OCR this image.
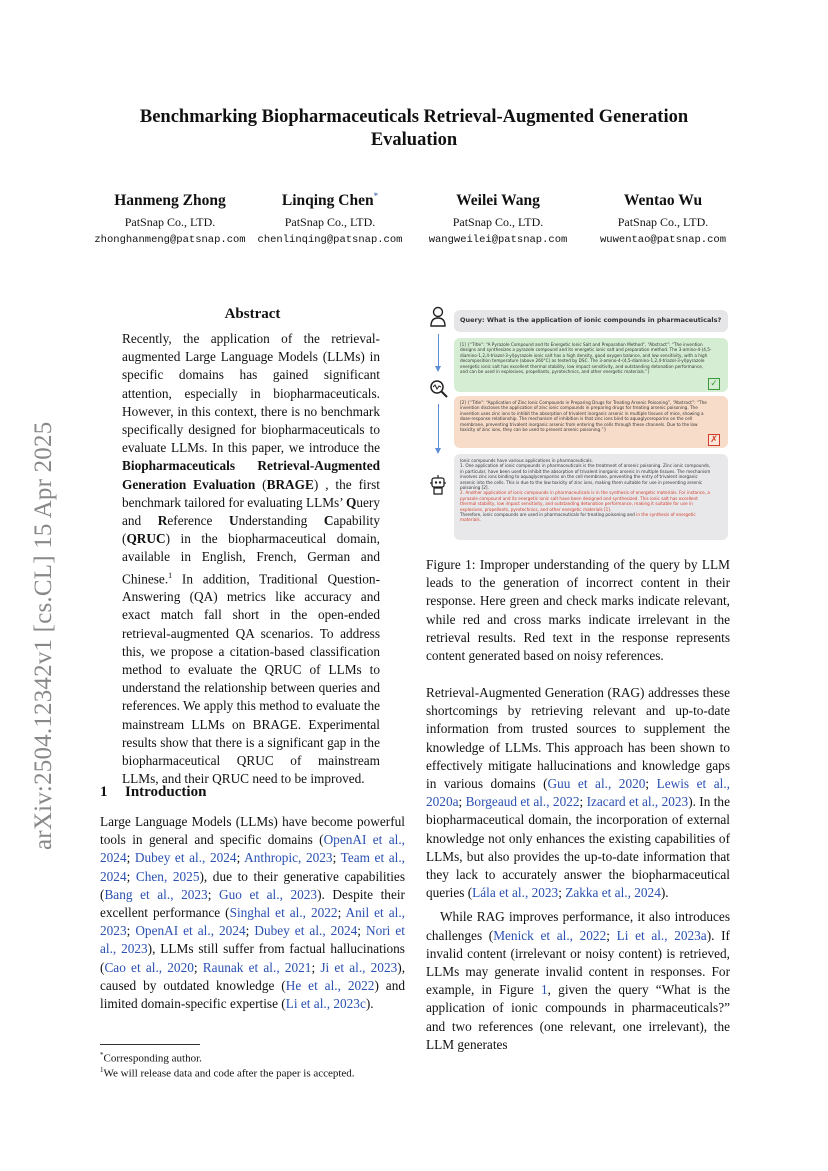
arXiv:2504.12342v1 [cs.CL] 15 Apr 2025
Benchmarking Biopharmaceuticals Retrieval-Augmented Generation
Evaluation
Hanmeng Zhong
PatSnap Co., LTD.
zhonghanmeng@patsnap.com
Linqing Chen*
PatSnap Co., LTD.
chenlinqing@patsnap.com
Weilei Wang
PatSnap Co., LTD.
wangweilei@patsnap.com
Wentao Wu
PatSnap Co., LTD.
wuwentao@patsnap.com
Abstract

Recently, the application of the retrieval-augmented Large Language Models (LLMs) in specific domains has gained significant attention, especially in biopharmaceuticals. However, in this context, there is no benchmark specifically designed for biopharmaceuticals to evaluate LLMs. In this paper, we introduce the Biopharmaceuticals Retrieval-Augmented Generation Evaluation (BRAGE) , the first benchmark tailored for evaluating LLMs’ Query and Reference Understanding Capability (QRUC) in the biopharmaceutical domain, available in English, French, German and Chinese.$^1$ In addition, Traditional Question-Answering (QA) metrics like accuracy and exact match fall short in the open-ended retrieval-augmented QA scenarios. To address this, we propose a citation-based classification method to evaluate the QRUC of LLMs to understand the relationship between queries and references. We apply this method to evaluate the mainstream LLMs on BRAGE. Experimental results show that there is a significant gap in the biopharmaceutical QRUC of mainstream LLMs, and their QRUC need to be improved.

1 Introduction

Large Language Models (LLMs) have become powerful tools in general and specific domains (OpenAI et al., 2024; Dubey et al., 2024; Anthropic, 2023; Team et al., 2024; Chen, 2025), due to their generative capabilities (Bang et al., 2023; Guo et al., 2023). Despite their excellent performance (Singhal et al., 2022; Anil et al., 2023; OpenAI et al., 2024; Dubey et al., 2024; Nori et al., 2023), LLMs still suffer from factual hallucinations (Cao et al., 2020; Raunak et al., 2021; Ji et al., 2023), caused by outdated knowledge (He et al., 2022) and limited domain-specific expertise (Li et al., 2023c).

*Corresponding author.
$^1$We will release data and code after the paper is accepted.
Query: What is the application of ionic compounds in pharmaceuticals?
[1] {“Title”: “A Pyrazole Compound and Its Energetic Ionic Salt and Preparation Method”, “Abstract”: “The invention designs and synthesizes a pyrazole compound and its energetic ionic salt and preparation method. The 3-amino-4-(4,5-diamino-1,2,4-triazol-3-yl)pyrazole ionic salt has a high density, good oxygen balance, and low sensitivity, with a high decomposition temperature (above 260°C) as tested by DSC. The 3-amino-4-(4,5-diamino-1,2,4-triazol-3-yl)pyrazole energetic ionic salt has excellent thermal stability, low impact sensitivity, and outstanding detonation performance, and can be used in explosives, propellants, pyrotechnics, and other energetic materials.”}
✓
[2] {“Title”: “Application of Zinc Ionic Compounds in Preparing Drugs for Treating Arsenic Poisoning”, “Abstract”: “The invention discloses the application of zinc ionic compounds in preparing drugs for treating arsenic poisoning. The invention uses zinc ions to inhibit the absorption of trivalent inorganic arsenic in multiple tissues of mice, showing a dose-response relationship. The mechanism of inhibition is that zinc ions bind to aquaglyceroporins on the cell membrane, preventing trivalent inorganic arsenic from entering the cells through these channels. Due to the low toxicity of zinc ions, they can be used to prevent arsenic poisoning.”}
✗
Ionic compounds have various applications in pharmaceuticals.
1. One application of ionic compounds in pharmaceuticals is the treatment of arsenic poisoning. Zinc ionic compounds, in particular, have been used to inhibit the absorption of trivalent inorganic arsenic in multiple tissues. The mechanism involves zinc ions binding to aquaglyceroporins on the cell membrane, preventing the entry of trivalent inorganic arsenic into the cells. This is due to the low toxicity of zinc ions, making them suitable for use in preventing arsenic poisoning [2].
2. Another application of ionic compounds in pharmaceuticals is in the synthesis of energetic materials. For instance, a pyrazole compound and its energetic ionic salt have been designed and synthesized. This ionic salt has excellent thermal stability, low impact sensitivity, and outstanding detonation performance, making it suitable for use in explosives, propellants, pyrotechnics, and other energetic materials [1].
Therefore, ionic compounds are used in pharmaceuticals for treating poisoning and in the synthesis of energetic materials.
Figure 1: Improper understanding of the query by LLM leads to the generation of incorrect content in their response. Here green and check marks indicate relevant, while red and cross marks indicate irrelevant in the retrieval results. Red text in the response represents content generated based on noisy references.

Retrieval-Augmented Generation (RAG) addresses these shortcomings by retrieving relevant and up-to-date information from trusted sources to supplement the knowledge of LLMs. This approach has been shown to effectively mitigate hallucinations and knowledge gaps in various domains (Guu et al., 2020; Lewis et al., 2020a; Borgeaud et al., 2022; Izacard et al., 2023). In the biopharmaceutical domain, the incorporation of external knowledge not only enhances the existing capabilities of LLMs, but also provides the up-to-date information that they lack to accurately answer the biopharmaceutical queries (Lála et al., 2023; Zakka et al., 2024).

While RAG improves performance, it also introduces challenges (Menick et al., 2022; Li et al., 2023a). If invalid content (irrelevant or noisy content) is retrieved, LLMs may generate invalid content in responses. For example, in Figure 1, given the query “What is the application of ionic compounds in pharmaceuticals?” and two references (one relevant, one irrelevant), the LLM generates
